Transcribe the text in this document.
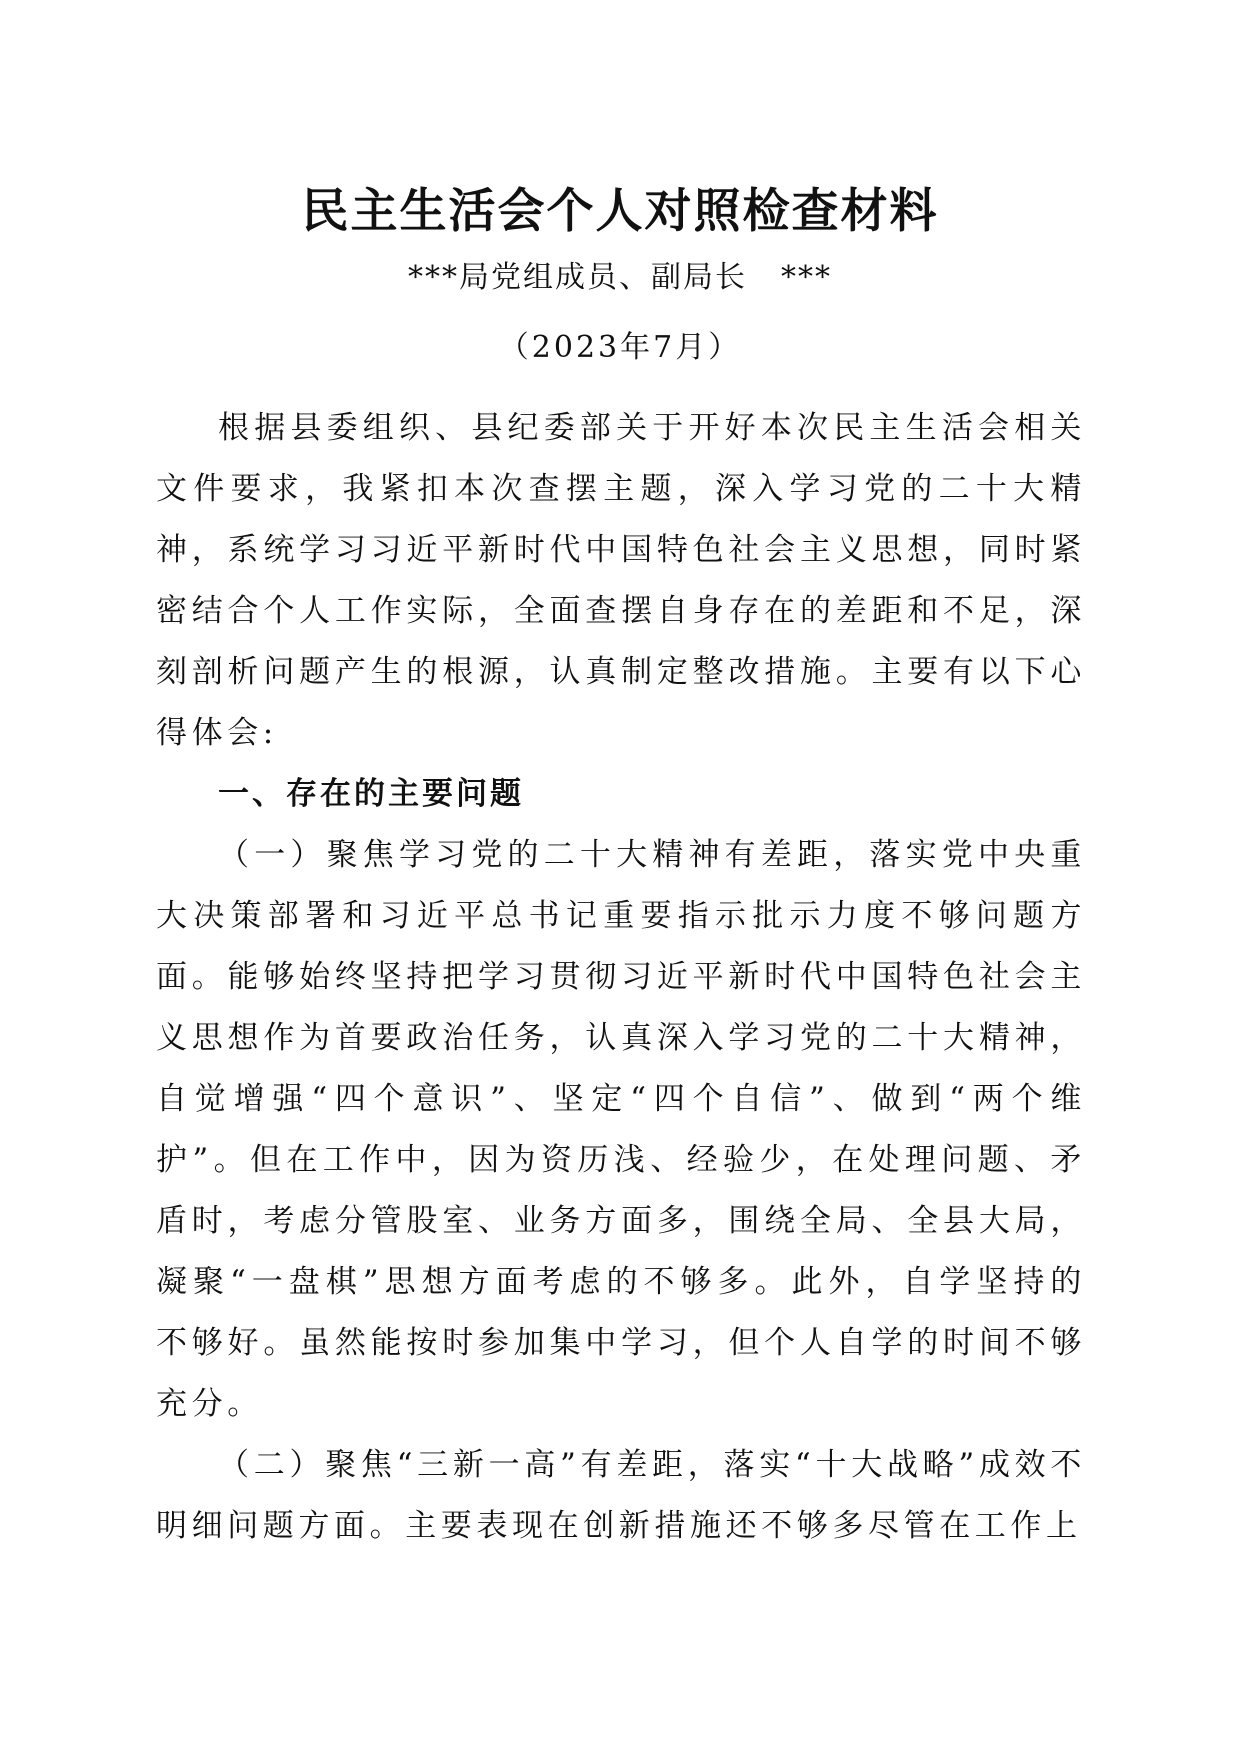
民主生活会个人对照检查材料
***局党组成员、副局长 ***
（2023年7月）

根据县委组织、县纪委部关于开好本次民主生活会相关文件要求，我紧扣本次查摆主题，深入学习党的二十大精神，系统学习习近平新时代中国特色社会主义思想，同时紧密结合个人工作实际，全面查摆自身存在的差距和不足，深刻剖析问题产生的根源，认真制定整改措施。主要有以下心得体会:

一、存在的主要问题

（一）聚焦学习党的二十大精神有差距，落实党中央重大决策部署和习近平总书记重要指示批示力度不够问题方面。能够始终坚持把学习贯彻习近平新时代中国特色社会主义思想作为首要政治任务，认真深入学习党的二十大精神，自觉增强“四个意识”、坚定“四个自信”、做到“两个维护”。但在工作中，因为资历浅、经验少，在处理问题、矛盾时，考虑分管股室、业务方面多，围绕全局、全县大局，凝聚“一盘棋”思想方面考虑的不够多。此外，自学坚持的不够好。虽然能按时参加集中学习，但个人自学的时间不够充分。

（二）聚焦“三新一高”有差距，落实“十大战略”成效不明细问题方面。主要表现在创新措施还不够多尽管在工作上
